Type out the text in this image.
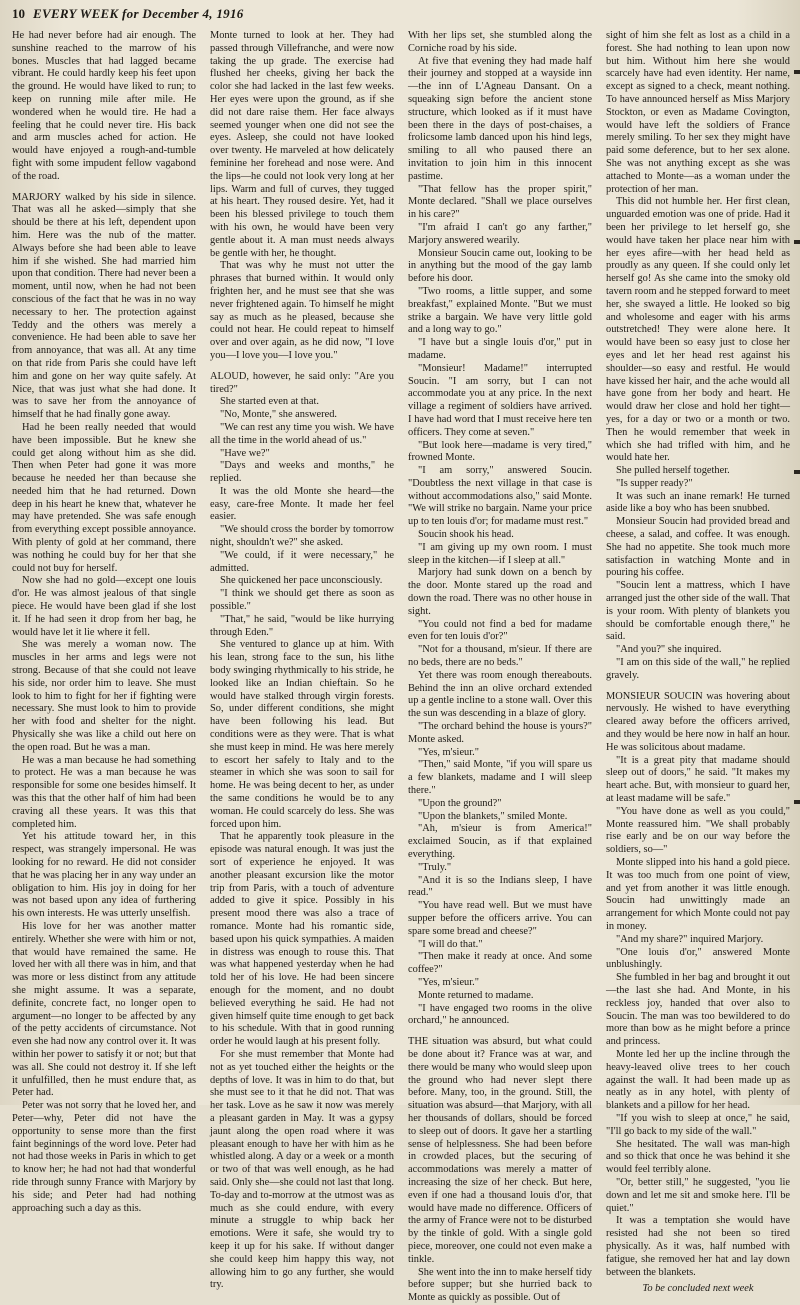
10 EVERY WEEK for December 4, 1916

He had never before had air enough. The sunshine reached to the marrow of his bones. Muscles that had lagged became vibrant. He could hardly keep his feet upon the ground. He would have liked to run; to keep on running mile after mile. He wondered when he would tire. He had a feeling that he could never tire. His back and arm muscles ached for action. He would have enjoyed a rough-and-tumble fight with some impudent fellow vagabond of the road.

MARJORY walked by his side in silence. That was all he asked—simply that she should be there at his left, dependent upon him. Here was the nub of the matter. Always before she had been able to leave him if she wished. She had married him upon that condition. There had never been a moment, until now, when he had not been conscious of the fact that he was in no way necessary to her. The protection against Teddy and the others was merely a convenience. He had been able to save her from annoyance, that was all. At any time on that ride from Paris she could have left him and gone on her way quite safely. At Nice, that was just what she had done. It was to save her from the annoyance of himself that he had finally gone away.

Had he been really needed that would have been impossible. But he knew she could get along without him as she did. Then when Peter had gone it was more because he needed her than because she needed him that he had returned. Down deep in his heart he knew that, whatever he may have pretended. She was safe enough from everything except possible annoyance. With plenty of gold at her command, there was nothing he could buy for her that she could not buy for herself.

Now she had no gold—except one louis d'or. He was almost jealous of that single piece. He would have been glad if she lost it. If he had seen it drop from her bag, he would have let it lie where it fell.

She was merely a woman now. The muscles in her arms and legs were not strong. Because of that she could not leave his side, nor order him to leave. She must look to him to fight for her if fighting were necessary. She must look to him to provide her with food and shelter for the night. Physically she was like a child out here on the open road. But he was a man.

He was a man because he had something to protect. He was a man because he was responsible for some one besides himself. It was this that the other half of him had been craving all these years. It was this that completed him.

Yet his attitude toward her, in this respect, was strangely impersonal. He was looking for no reward. He did not consider that he was placing her in any way under an obligation to him. His joy in doing for her was not based upon any idea of furthering his own interests. He was utterly unselfish.

His love for her was another matter entirely. Whether she were with him or not, that would have remained the same. He loved her with all there was in him, and that was more or less distinct from any attitude she might assume. It was a separate, definite, concrete fact, no longer open to argument—no longer to be affected by any of the petty accidents of circumstance. Not even she had now any control over it. It was within her power to satisfy it or not; but that was all. She could not destroy it. If she left it unfulfilled, then he must endure that, as Peter had.

Peter was not sorry that he loved her, and Peter—why, Peter did not have the opportunity to sense more than the first faint beginnings of the word love. Peter had not had those weeks in Paris in which to get to know her; he had not had that wonderful ride through sunny France with Marjory by his side; and Peter had had nothing approaching such a day as this.

Monte turned to look at her. They had passed through Villefranche, and were now taking the up grade. The exercise had flushed her cheeks, giving her back the color she had lacked in the last few weeks. Her eyes were upon the ground, as if she did not dare raise them. Her face always seemed younger when one did not see the eyes. Asleep, she could not have looked over twenty. He marveled at how delicately feminine her forehead and nose were. And the lips—he could not look very long at her lips. Warm and full of curves, they tugged at his heart. They roused desire. Yet, had it been his blessed privilege to touch them with his own, he would have been very gentle about it. A man must needs always be gentle with her, he thought.

That was why he must not utter the phrases that burned within. It would only frighten her, and he must see that she was never frightened again. To himself he might say as much as he pleased, because she could not hear. He could repeat to himself over and over again, as he did now, "I love you—I love you—I love you."

ALOUD, however, he said only: "Are you tired?"

She started even at that.

"No, Monte," she answered.

"We can rest any time you wish. We have all the time in the world ahead of us."

"Have we?"

"Days and weeks and months," he replied.

It was the old Monte she heard—the easy, care-free Monte. It made her feel easier.

"We should cross the border by tomorrow night, shouldn't we?" she asked.

"We could, if it were necessary," he admitted.

She quickened her pace unconsciously.

"I think we should get there as soon as possible."

"That," he said, "would be like hurrying through Eden."

She ventured to glance up at him. With his lean, strong face to the sun, his lithe body swinging rhythmically to his stride, he looked like an Indian chieftain. So he would have stalked through virgin forests. So, under different conditions, she might have been following his lead. But conditions were as they were. That is what she must keep in mind. He was here merely to escort her safely to Italy and to the steamer in which she was soon to sail for home. He was being decent to her, as under the same conditions he would be to any woman. He could scarcely do less. She was forced upon him.

That he apparently took pleasure in the episode was natural enough. It was just the sort of experience he enjoyed. It was another pleasant excursion like the motor trip from Paris, with a touch of adventure added to give it spice. Possibly in his present mood there was also a trace of romance. Monte had his romantic side, based upon his quick sympathies. A maiden in distress was enough to rouse this. That was what happened yesterday when he had told her of his love. He had been sincere enough for the moment, and no doubt believed everything he said. He had not given himself quite time enough to get back to his schedule. With that in good running order he would laugh at his present folly.

For she must remember that Monte had not as yet touched either the heights or the depths of love. It was in him to do that, but she must see to it that he did not. That was her task. Love as he saw it now was merely a pleasant garden in May. It was a gypsy jaunt along the open road where it was pleasant enough to have her with him as he whistled along. A day or a week or a month or two of that was well enough, as he had said. Only she—she could not last that long. To-day and to-morrow at the utmost was as much as she could endure, with every minute a struggle to whip back her emotions. Were it safe, she would try to keep it up for his sake. If without danger she could keep him happy this way, not allowing him to go any further, she would try.

With her lips set, she stumbled along the Corniche road by his side.

At five that evening they had made half their journey and stopped at a wayside inn—the inn of L'Agneau Dansant. On a squeaking sign before the ancient stone structure, which looked as if it must have been there in the days of post-chaises, a frolicsome lamb danced upon his hind legs, smiling to all who paused there an invitation to join him in this innocent pastime.

"That fellow has the proper spirit," Monte declared. "Shall we place ourselves in his care?"

"I'm afraid I can't go any farther," Marjory answered wearily.

Monsieur Soucin came out, looking to be in anything but the mood of the gay lamb before his door.

"Two rooms, a little supper, and some breakfast," explained Monte. "But we must strike a bargain. We have very little gold and a long way to go."

"I have but a single louis d'or," put in madame.

"Monsieur! Madame!" interrupted Soucin. "I am sorry, but I can not accommodate you at any price. In the next village a regiment of soldiers have arrived. I have had word that I must receive here ten officers. They come at seven."

"But look here—madame is very tired," frowned Monte.

"I am sorry," answered Soucin. "Doubtless the next village in that case is without accommodations also," said Monte. "We will strike no bargain. Name your price up to ten louis d'or; for madame must rest."

Soucin shook his head.

"I am giving up my own room. I must sleep in the kitchen—if I sleep at all."

Marjory had sunk down on a bench by the door. Monte stared up the road and down the road. There was no other house in sight.

"You could not find a bed for madame even for ten louis d'or?"

"Not for a thousand, m'sieur. If there are no beds, there are no beds."

Yet there was room enough thereabouts. Behind the inn an olive orchard extended up a gentle incline to a stone wall. Over this the sun was descending in a blaze of glory.

"The orchard behind the house is yours?" Monte asked.

"Yes, m'sieur."

"Then," said Monte, "if you will spare us a few blankets, madame and I will sleep there."

"Upon the ground?"

"Upon the blankets," smiled Monte.

"Ah, m'sieur is from America!" exclaimed Soucin, as if that explained everything.

"Truly."

"And it is so the Indians sleep, I have read."

"You have read well. But we must have supper before the officers arrive. You can spare some bread and cheese?"

"I will do that."

"Then make it ready at once. And some coffee?"

"Yes, m'sieur."

Monte returned to madame.

"I have engaged two rooms in the olive orchard," he announced.

THE situation was absurd, but what could be done about it? France was at war, and there would be many who would sleep upon the ground who had never slept there before. Many, too, in the ground. Still, the situation was absurd—that Marjory, with all her thousands of dollars, should be forced to sleep out of doors. It gave her a startling sense of helplessness. She had been before in crowded places, but the securing of accommodations was merely a matter of increasing the size of her check. But here, even if one had a thousand louis d'or, that would have made no difference. Officers of the army of France were not to be disturbed by the tinkle of gold. With a single gold piece, moreover, one could not even make a tinkle.

She went into the inn to make herself tidy before supper; but she hurried back to Monte as quickly as possible. Out of

sight of him she felt as lost as a child in a forest. She had nothing to lean upon now but him. Without him here she would scarcely have had even identity. Her name, except as signed to a check, meant nothing. To have announced herself as Miss Marjory Stockton, or even as Madame Covington, would have left the soldiers of France merely smiling. To her sex they might have paid some deference, but to her sex alone. She was not anything except as she was attached to Monte—as a woman under the protection of her man.

This did not humble her. Her first clean, unguarded emotion was one of pride. Had it been her privilege to let herself go, she would have taken her place near him with her eyes afire—with her head held as proudly as any queen. If she could only let herself go! As she came into the smoky old tavern room and he stepped forward to meet her, she swayed a little. He looked so big and wholesome and eager with his arms outstretched! They were alone here. It would have been so easy just to close her eyes and let her head rest against his shoulder—so easy and restful. He would have kissed her hair, and the ache would all have gone from her body and heart. He would draw her close and hold her tight—yes, for a day or two or a month or two. Then he would remember that week in which she had trifled with him, and he would hate her.

She pulled herself together.

"Is supper ready?"

It was such an inane remark! He turned aside like a boy who has been snubbed.

Monsieur Soucin had provided bread and cheese, a salad, and coffee. It was enough. She had no appetite. She took much more satisfaction in watching Monte and in pouring his coffee.

"Soucin lent a mattress, which I have arranged just the other side of the wall. That is your room. With plenty of blankets you should be comfortable enough there," he said.

"And you?" she inquired.

"I am on this side of the wall," he replied gravely.

MONSIEUR SOUCIN was hovering about nervously. He wished to have everything cleared away before the officers arrived, and they would be here now in half an hour. He was solicitous about madame.

"It is a great pity that madame should sleep out of doors," he said. "It makes my heart ache. But, with monsieur to guard her, at least madame will be safe."

"You have done as well as you could," Monte reassured him. "We shall probably rise early and be on our way before the soldiers, so—"

Monte slipped into his hand a gold piece. It was too much from one point of view, and yet from another it was little enough. Soucin had unwittingly made an arrangement for which Monte could not pay in money.

"And my share?" inquired Marjory.

"One louis d'or," answered Monte unblushingly.

She fumbled in her bag and brought it out—the last she had. And Monte, in his reckless joy, handed that over also to Soucin. The man was too bewildered to do more than bow as he might before a prince and princess.

Monte led her up the incline through the heavy-leaved olive trees to her couch against the wall. It had been made up as neatly as in any hotel, with plenty of blankets and a pillow for her head.

"If you wish to sleep at once," he said, "I'll go back to my side of the wall."

She hesitated. The wall was man-high and so thick that once he was behind it she would feel terribly alone.

"Or, better still," he suggested, "you lie down and let me sit and smoke here. I'll be quiet."

It was a temptation she would have resisted had she not been so tired physically. As it was, half numbed with fatigue, she removed her hat and lay down between the blankets.

To be concluded next week
